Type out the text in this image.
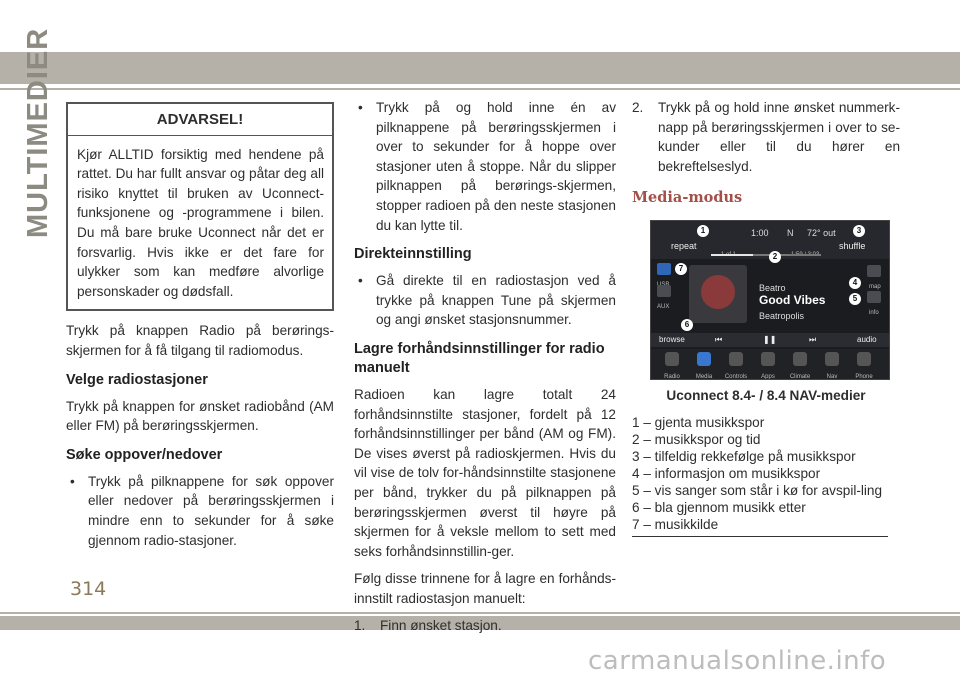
MULTIMEDIER
314
ADVARSEL!
Kjør ALLTID forsiktig med hendene på rattet. Du har fullt ansvar og påtar deg all risiko knyttet til bruken av Uconnect-funksjonene og -programmene i bilen. Du må bare bruke Uconnect når det er forsvarlig. Hvis ikke er det fare for ulykker som kan medføre alvorlige personskader og dødsfall.

Trykk på knappen Radio på berørings-skjermen for å få tilgang til radiomodus.

Velge radiostasjoner

Trykk på knappen for ønsket radiobånd (AM eller FM) på berøringsskjermen.

Søke oppover/nedover
• Trykk på pilknappene for søk oppover eller nedover på berøringsskjermen i mindre enn to sekunder for å søke gjennom radio-stasjoner.
• Trykk på og hold inne én av pilknappene på berøringsskjermen i over to sekunder for å hoppe over stasjoner uten å stoppe. Når du slipper pilknappen på berørings-skjermen, stopper radioen på den neste stasjonen du kan lytte til.
Direkteinnstilling
• Gå direkte til en radiostasjon ved å trykke på knappen Tune på skjermen og angi ønsket stasjonsnummer.
Lagre forhåndsinnstillinger for radio manuelt

Radioen kan lagre totalt 24 forhåndsinnstilte stasjoner, fordelt på 12 forhåndsinnstillinger per bånd (AM og FM). De vises øverst på radioskjermen. Hvis du vil vise de tolv for-håndsinnstilte stasjonene per bånd, trykker du på pilknappen på berøringsskjermen øverst til høyre på skjermen for å veksle mellom to sett med seks forhåndsinnstillin-ger.

Følg disse trinnene for å lagre en forhånds-innstilt radiostasjon manuelt:

1. Finn ønsket stasjon.
2. Trykk på og hold inne ønsket nummerk-napp på berøringsskjermen i over to se-kunder eller til du hører en bekreftelseslyd.
Media-modus
1:00 N 72° out
repeat	shuffle
AUX
Beatro
Good Vibes
Beatropolis
map
info
browse	⏮	❚❚	⏭	audio
Radio	Media	Controls	Apps	Climate	Nav	Phone
1
2
3
4
5
6
7
Uconnect 8.4- / 8.4 NAV-medier
1 – gjenta musikkspor
2 – musikkspor og tid
3 – tilfeldig rekkefølge på musikkspor
4 – informasjon om musikkspor
5 – vis sanger som står i kø for avspil-ling
6 – bla gjennom musikk etter
7 – musikkilde
carmanualsonline.info
